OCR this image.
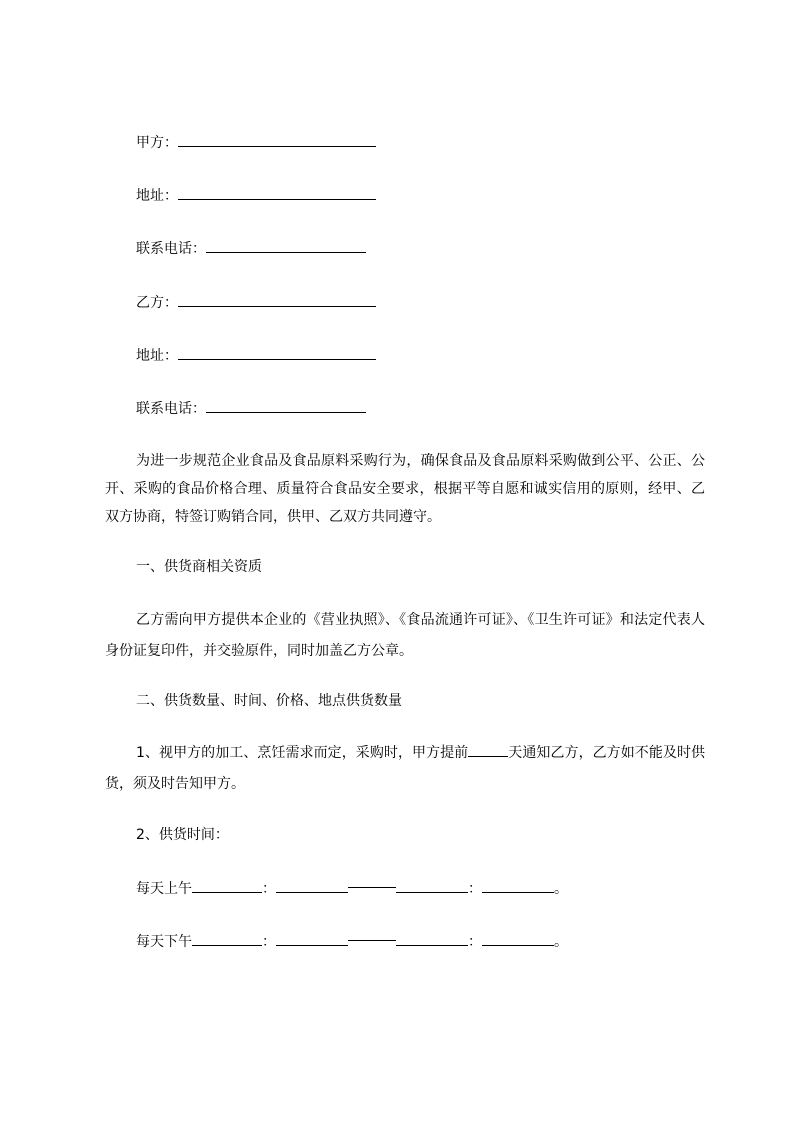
甲方：
地址：
联系电话：
乙方：
地址：
联系电话：
为进一步规范企业食品及食品原料采购行为，确保食品及食品原料采购做到公平、公正、公开、采购的食品价格合理、质量符合食品安全要求，根据平等自愿和诚实信用的原则，经甲、乙双方协商，特签订购销合同，供甲、乙双方共同遵守。
一、供货商相关资质
乙方需向甲方提供本企业的《营业执照》、《食品流通许可证》、《卫生许可证》和法定代表人身份证复印件，并交验原件，同时加盖乙方公章。
二、供货数量、时间、价格、地点供货数量
1、视甲方的加工、烹饪需求而定，采购时，甲方提前	天通知乙方，乙方如不能及时供货，须及时告知甲方。
2、供货时间：
每天上午	：	：	。
每天下午	：	：	。
